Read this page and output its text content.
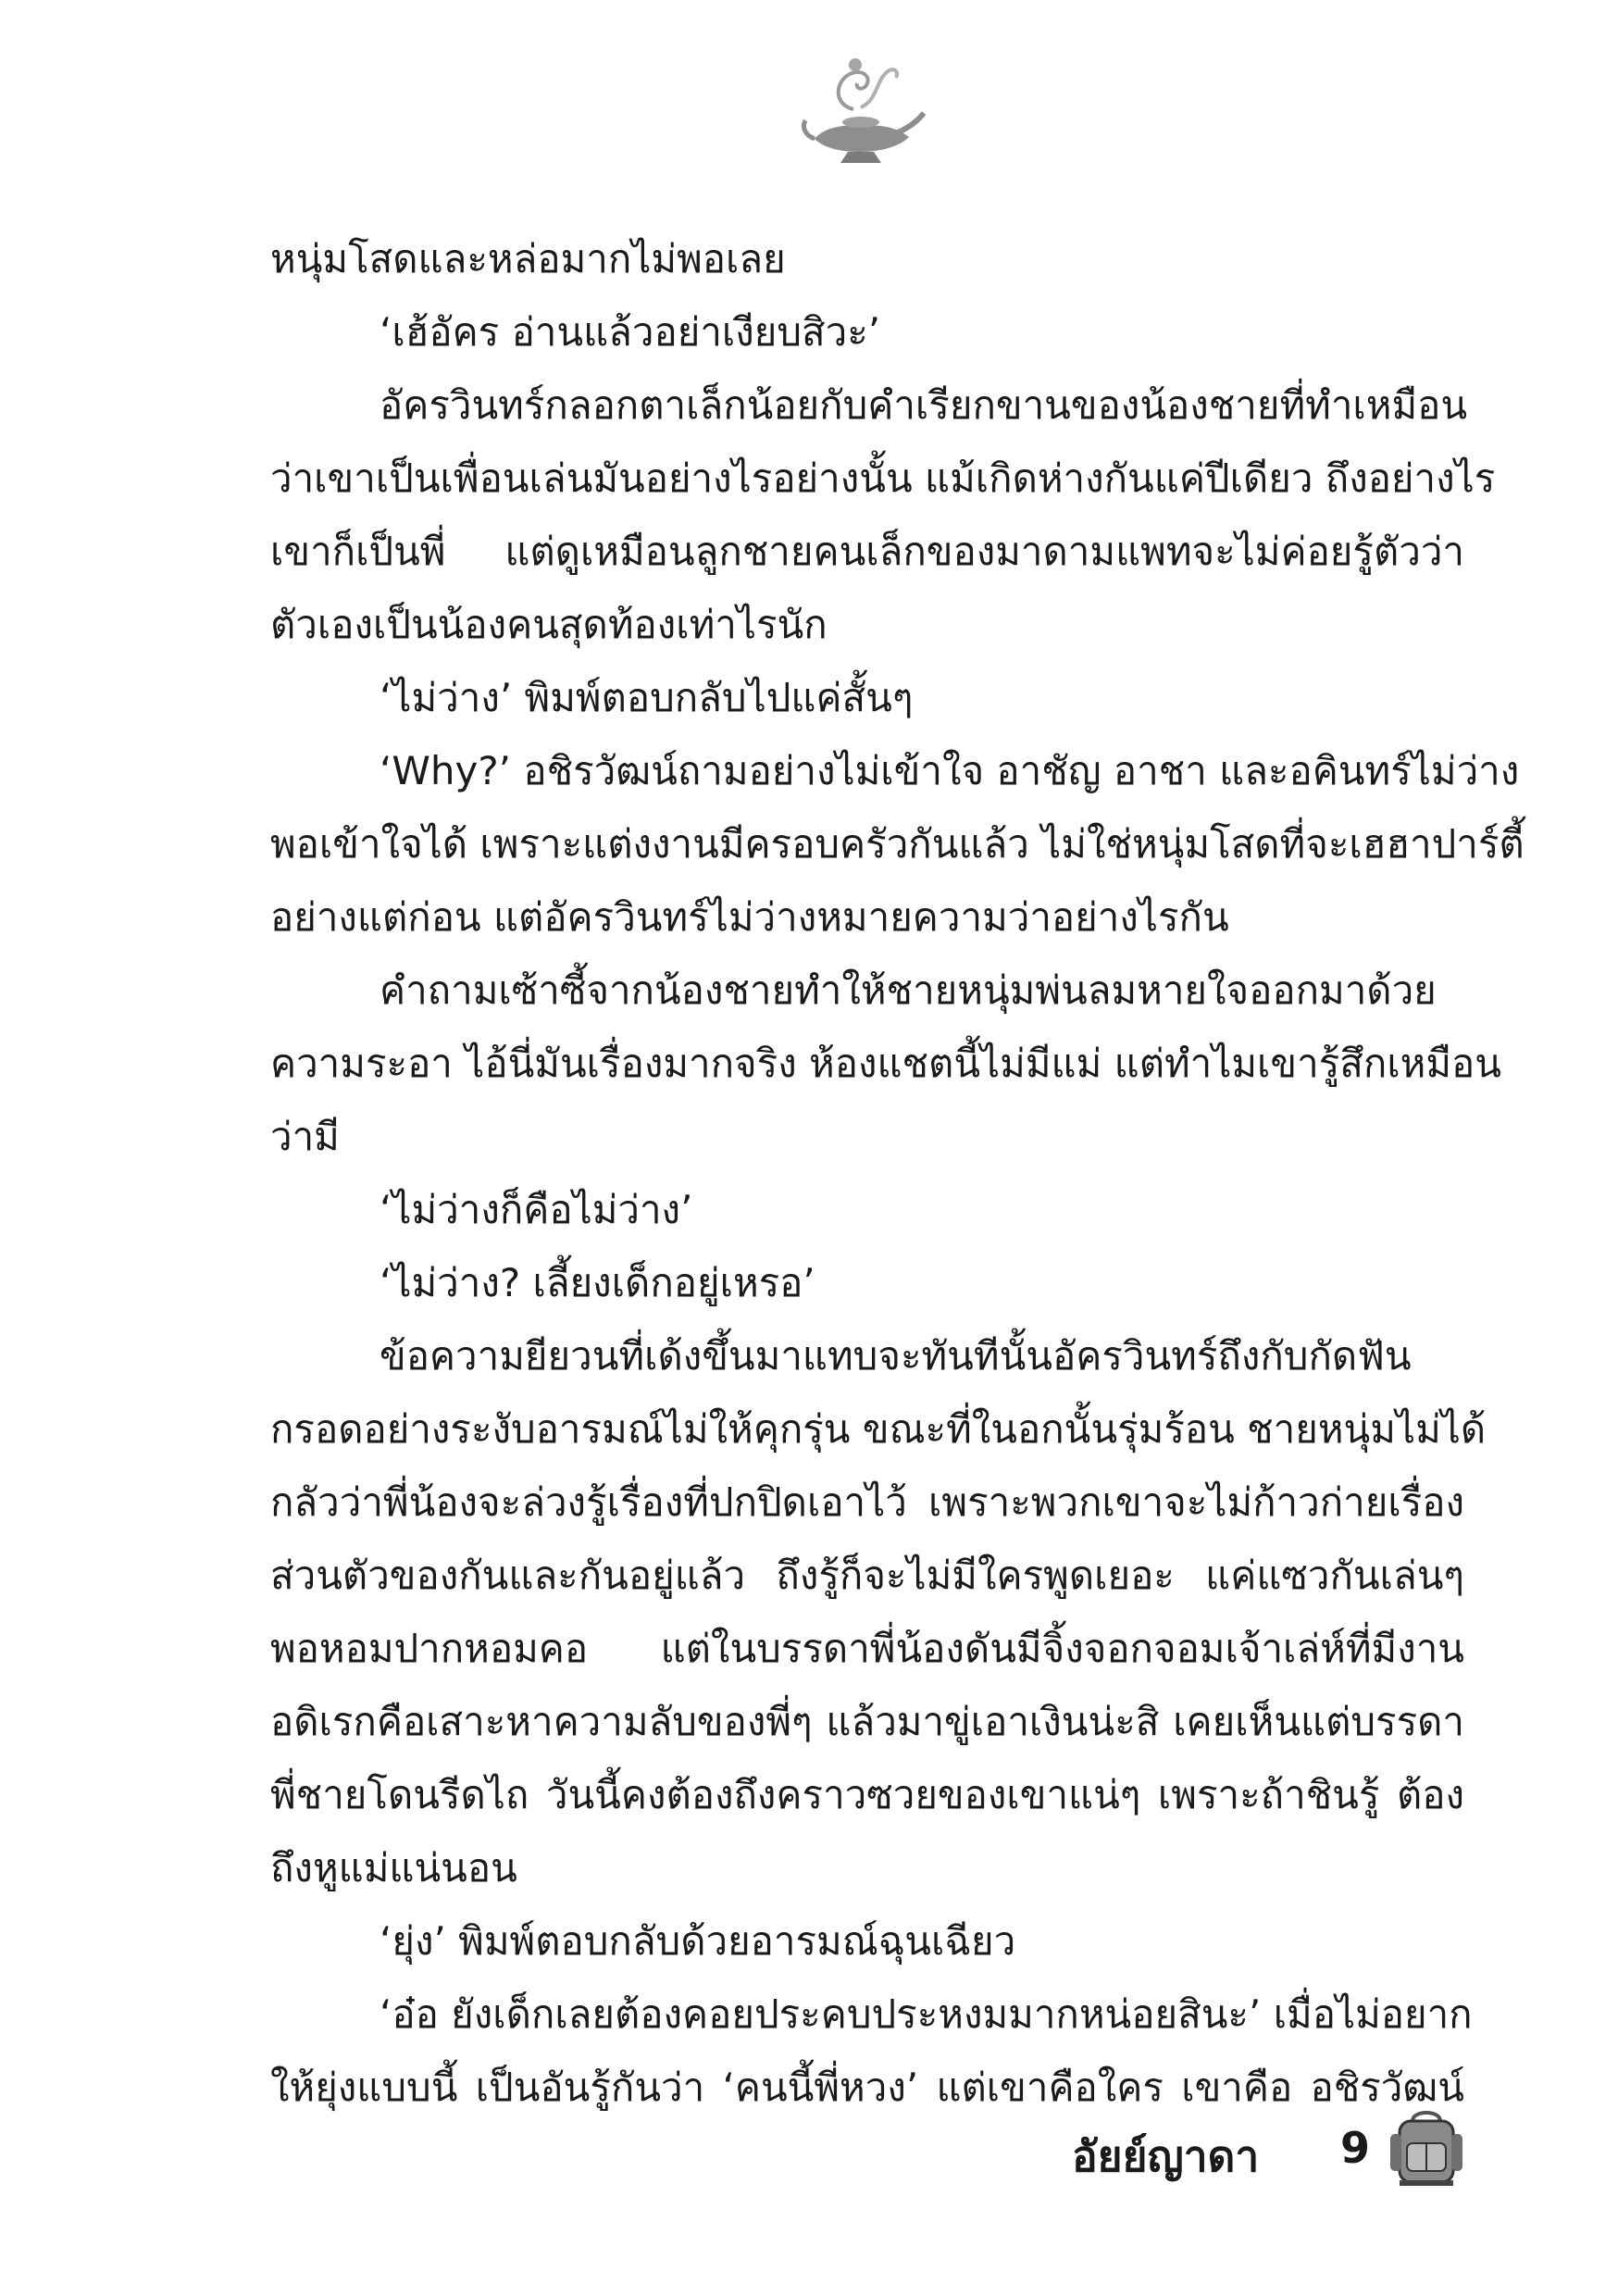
หนุ่มโสดและหล่อมากไม่พอเลย
‘เฮ้อัคร อ่านแล้วอย่าเงียบสิวะ’
อัครวินทร์กลอกตาเล็กน้อยกับคำเรียกขานของน้องชายที่ทำเหมือน
ว่าเขาเป็นเพื่อนเล่นมันอย่างไรอย่างนั้น แม้เกิดห่างกันแค่ปีเดียว ถึงอย่างไร
เขาก็เป็นพี่ แต่ดูเหมือนลูกชายคนเล็กของมาดามแพทจะไม่ค่อยรู้ตัวว่า
ตัวเองเป็นน้องคนสุดท้องเท่าไรนัก
‘ไม่ว่าง’ พิมพ์ตอบกลับไปแค่สั้นๆ
‘Why?’ อชิรวัฒน์ถามอย่างไม่เข้าใจ อาชัญ อาชา และอคินทร์ไม่ว่าง
พอเข้าใจได้ เพราะแต่งงานมีครอบครัวกันแล้ว ไม่ใช่หนุ่มโสดที่จะเฮฮาปาร์ตี้
อย่างแต่ก่อน แต่อัครวินทร์ไม่ว่างหมายความว่าอย่างไรกัน
คำถามเซ้าซี้จากน้องชายทำให้ชายหนุ่มพ่นลมหายใจออกมาด้วย
ความระอา ไอ้นี่มันเรื่องมากจริง ห้องแชตนี้ไม่มีแม่ แต่ทำไมเขารู้สึกเหมือน
ว่ามี
‘ไม่ว่างก็คือไม่ว่าง’
‘ไม่ว่าง? เลี้ยงเด็กอยู่เหรอ’
ข้อความยียวนที่เด้งขึ้นมาแทบจะทันทีนั้นอัครวินทร์ถึงกับกัดฟัน
กรอดอย่างระงับอารมณ์ไม่ให้คุกรุ่น ขณะที่ในอกนั้นรุ่มร้อน ชายหนุ่มไม่ได้
กลัวว่าพี่น้องจะล่วงรู้เรื่องที่ปกปิดเอาไว้ เพราะพวกเขาจะไม่ก้าวก่ายเรื่อง
ส่วนตัวของกันและกันอยู่แล้ว ถึงรู้ก็จะไม่มีใครพูดเยอะ แค่แซวกันเล่นๆ
พอหอมปากหอมคอ แต่ในบรรดาพี่น้องดันมีจิ้งจอกจอมเจ้าเล่ห์ที่มีงาน
อดิเรกคือเสาะหาความลับของพี่ๆ แล้วมาขู่เอาเงินน่ะสิ เคยเห็นแต่บรรดา
พี่ชายโดนรีดไถ วันนี้คงต้องถึงคราวซวยของเขาแน่ๆ เพราะถ้าชินรู้ ต้อง
ถึงหูแม่แน่นอน
‘ยุ่ง’ พิมพ์ตอบกลับด้วยอารมณ์ฉุนเฉียว
‘อ๋อ ยังเด็กเลยต้องคอยประคบประหงมมากหน่อยสินะ’ เมื่อไม่อยาก
ให้ยุ่งแบบนี้ เป็นอันรู้กันว่า ‘คนนี้พี่หวง’ แต่เขาคือใคร เขาคือ อชิรวัฒน์
อัยย์ญาดา 9
